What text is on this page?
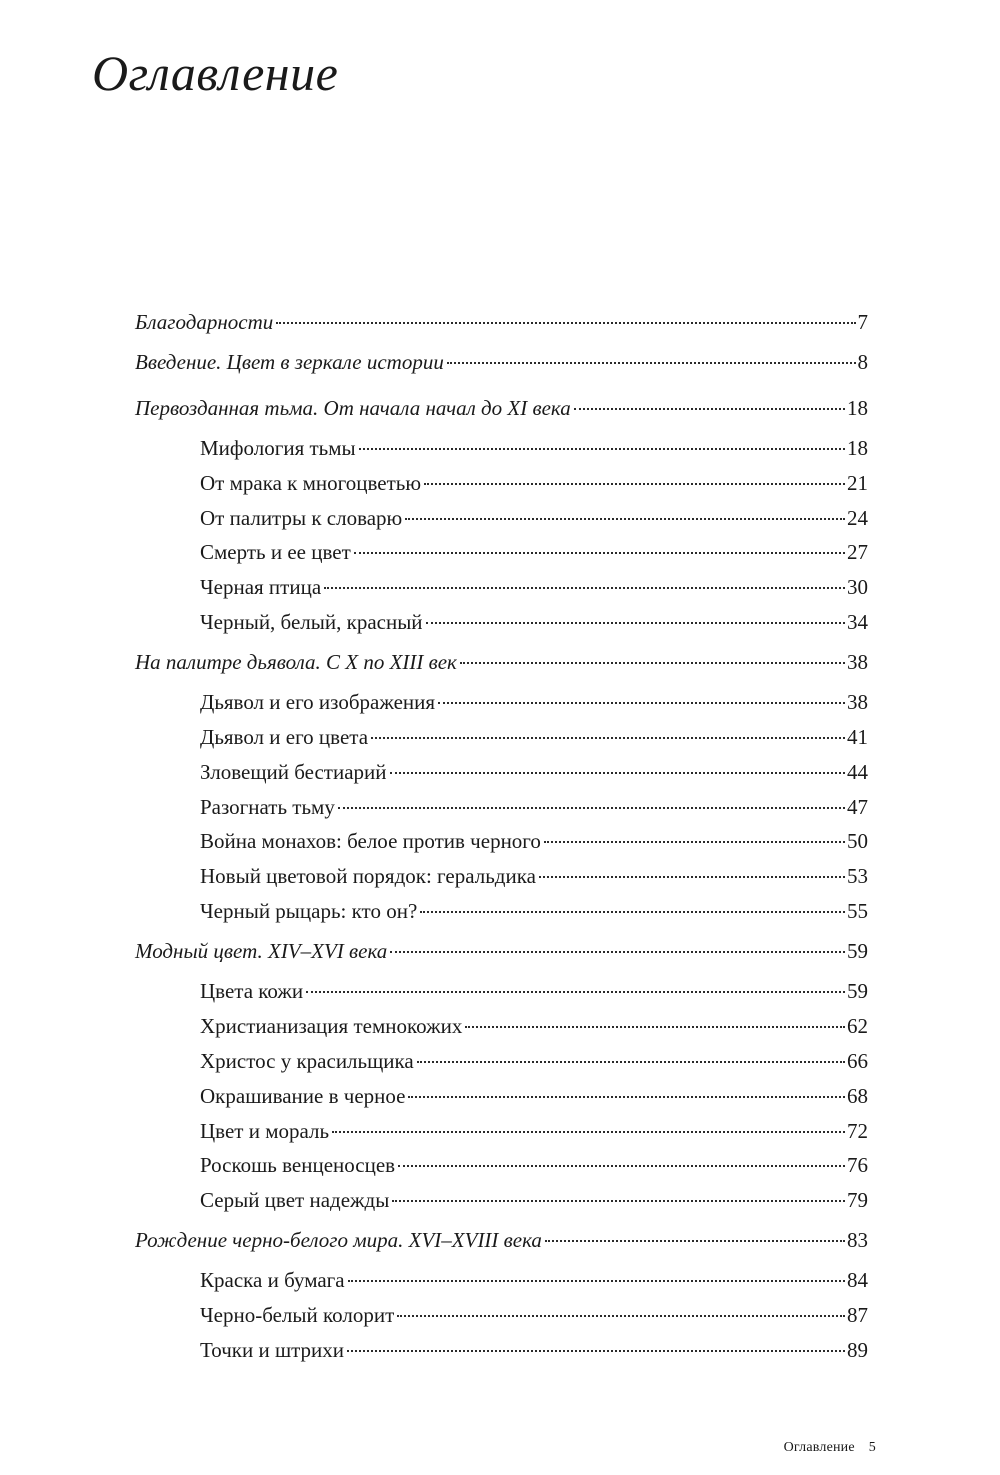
Оглавление
Благодарности	7
Введение. Цвет в зеркале истории	8
Первозданная тьма. От начала начал до XI века	18
Мифология тьмы	18
От мрака к многоцветью	21
От палитры к словарю	24
Смерть и ее цвет	27
Черная птица	30
Черный, белый, красный	34
На палитре дьявола. С X по XIII век	38
Дьявол и его изображения	38
Дьявол и его цвета	41
Зловещий бестиарий	44
Разогнать тьму	47
Война монахов: белое против черного	50
Новый цветовой порядок: геральдика	53
Черный рыцарь: кто он?	55
Модный цвет. XIV–XVI века	59
Цвета кожи	59
Христианизация темнокожих	62
Христос у красильщика	66
Окрашивание в черное	68
Цвет и мораль	72
Роскошь венценосцев	76
Серый цвет надежды	79
Рождение черно-белого мира. XVI–XVIII века	83
Краска и бумага	84
Черно-белый колорит	87
Точки и штрихи	89
Оглавление 5
